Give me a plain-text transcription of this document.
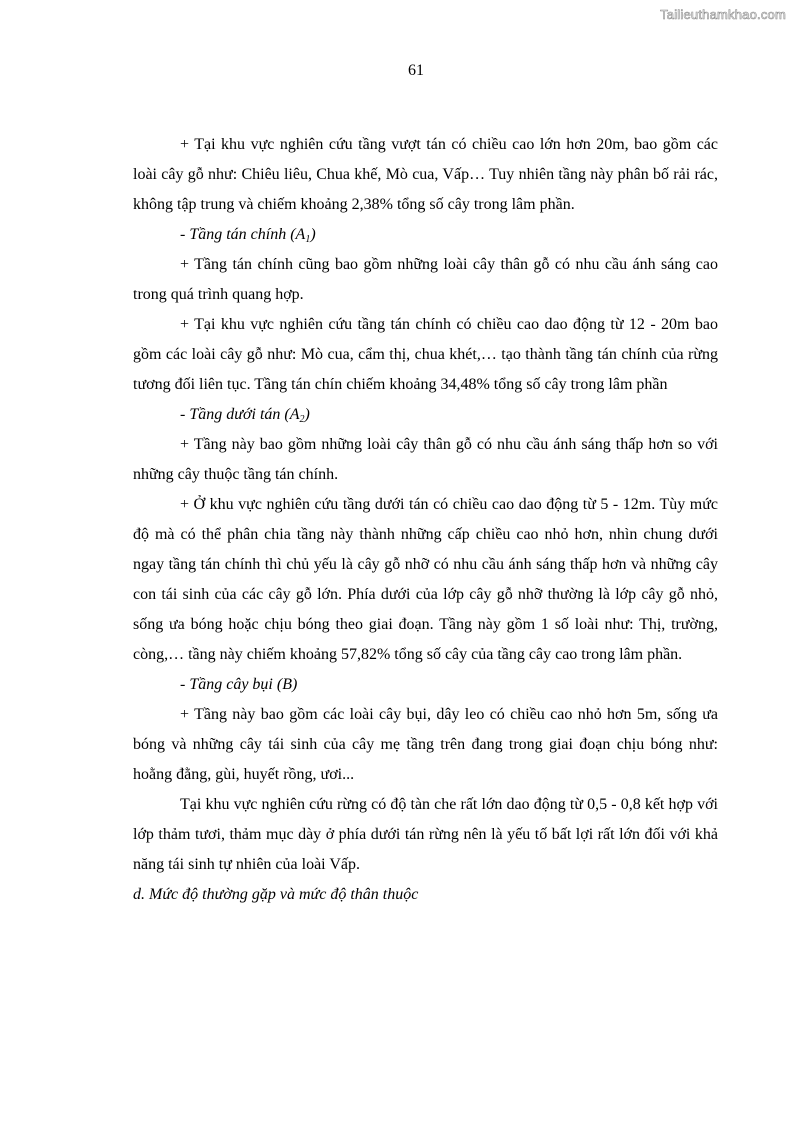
Tailieuthamkhao.com
61

+ Tại khu vực nghiên cứu tầng vượt tán có chiều cao lớn hơn 20m, bao gồm các loài cây gỗ như: Chiêu liêu, Chua khế, Mò cua, Vấp… Tuy nhiên tầng này phân bố rải rác, không tập trung và chiếm khoảng 2,38% tổng số cây trong lâm phần.

- Tầng tán chính $(A_1)$

+ Tầng tán chính cũng bao gồm những loài cây thân gỗ có nhu cầu ánh sáng cao trong quá trình quang hợp.

+ Tại khu vực nghiên cứu tầng tán chính có chiều cao dao động từ 12 - 20m bao gồm các loài cây gỗ như: Mò cua, cẩm thị, chua khét,… tạo thành tầng tán chính của rừng tương đối liên tục. Tầng tán chín chiếm khoảng 34,48% tổng số cây trong lâm phần

- Tầng dưới tán $(A_2)$

+ Tầng này bao gồm những loài cây thân gỗ có nhu cầu ánh sáng thấp hơn so với những cây thuộc tầng tán chính.

+ Ở khu vực nghiên cứu tầng dưới tán có chiều cao dao động từ 5 - 12m. Tùy mức độ mà có thể phân chia tầng này thành những cấp chiều cao nhỏ hơn, nhìn chung dưới ngay tầng tán chính thì chủ yếu là cây gỗ nhỡ có nhu cầu ánh sáng thấp hơn và những cây con tái sinh của các cây gỗ lớn. Phía dưới của lớp cây gỗ nhỡ thường là lớp cây gỗ nhỏ, sống ưa bóng hoặc chịu bóng theo giai đoạn. Tầng này gồm 1 số loài như: Thị, trường, còng,… tầng này chiếm khoảng 57,82% tổng số cây của tầng cây cao trong lâm phần.

- Tầng cây bụi (B)

+ Tầng này bao gồm các loài cây bụi, dây leo có chiều cao nhỏ hơn 5m, sống ưa bóng và những cây tái sinh của cây mẹ tầng trên đang trong giai đoạn chịu bóng như: hoằng đằng, gùi, huyết rồng, ươi...

Tại khu vực nghiên cứu rừng có độ tàn che rất lớn dao động từ 0,5 - 0,8 kết hợp với lớp thảm tươi, thảm mục dày ở phía dưới tán rừng nên là yếu tố bất lợi rất lớn đối với khả năng tái sinh tự nhiên của loài Vấp.

d. Mức độ thường gặp và mức độ thân thuộc
